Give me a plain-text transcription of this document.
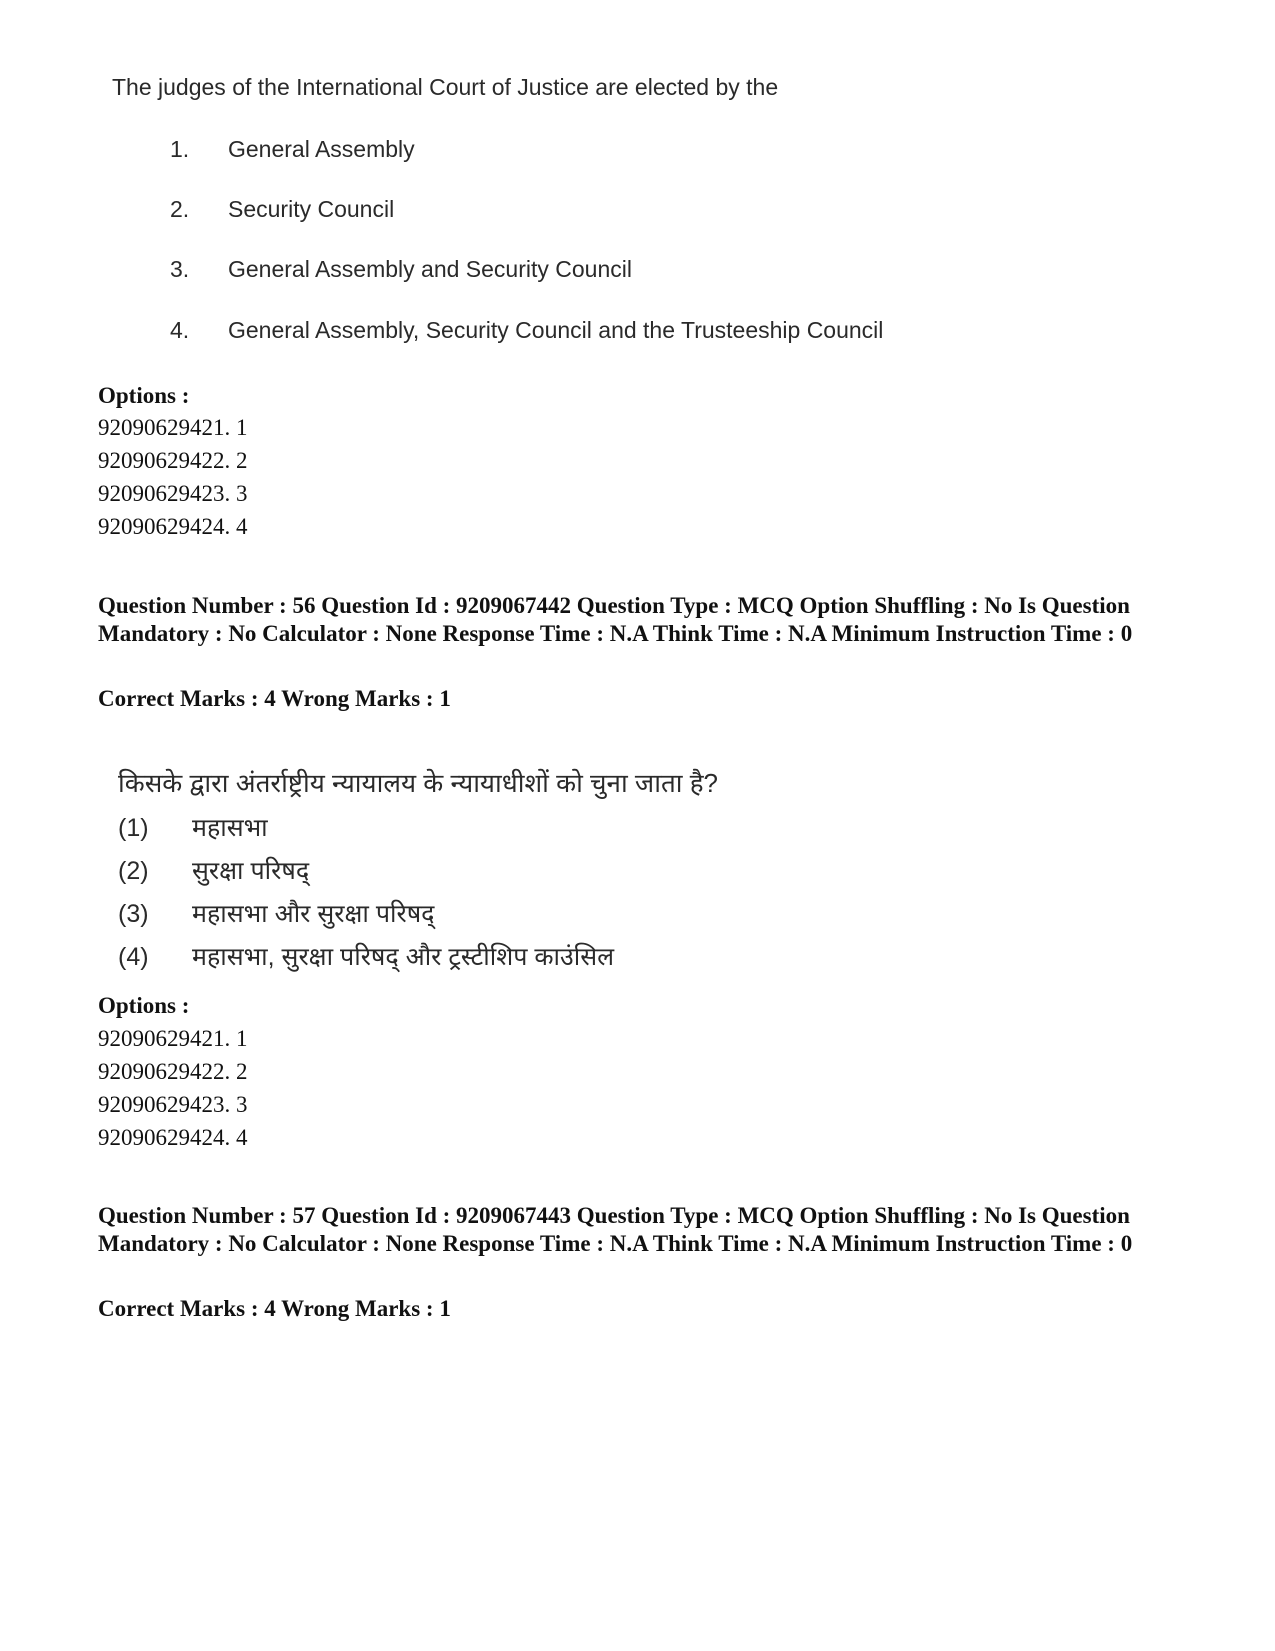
The judges of the International Court of Justice are elected by the

1. General Assembly
2. Security Council
3. General Assembly and Security Council
4. General Assembly, Security Council and the Trusteeship Council

Options :

92090629421. 1
92090629422. 2
92090629423. 3
92090629424. 4

Question Number : 56 Question Id : 9209067442 Question Type : MCQ Option Shuffling : No Is Question Mandatory : No Calculator : None Response Time : N.A Think Time : N.A Minimum Instruction Time : 0

Correct Marks : 4 Wrong Marks : 1

किसके द्वारा अंतर्राष्ट्रीय न्यायालय के न्यायाधीशों को चुना जाता है?

(1) महासभा
(2) सुरक्षा परिषद्
(3) महासभा और सुरक्षा परिषद्
(4) महासभा, सुरक्षा परिषद् और ट्रस्टीशिप काउंसिल

Options :

92090629421. 1
92090629422. 2
92090629423. 3
92090629424. 4

Question Number : 57 Question Id : 9209067443 Question Type : MCQ Option Shuffling : No Is Question Mandatory : No Calculator : None Response Time : N.A Think Time : N.A Minimum Instruction Time : 0

Correct Marks : 4 Wrong Marks : 1
